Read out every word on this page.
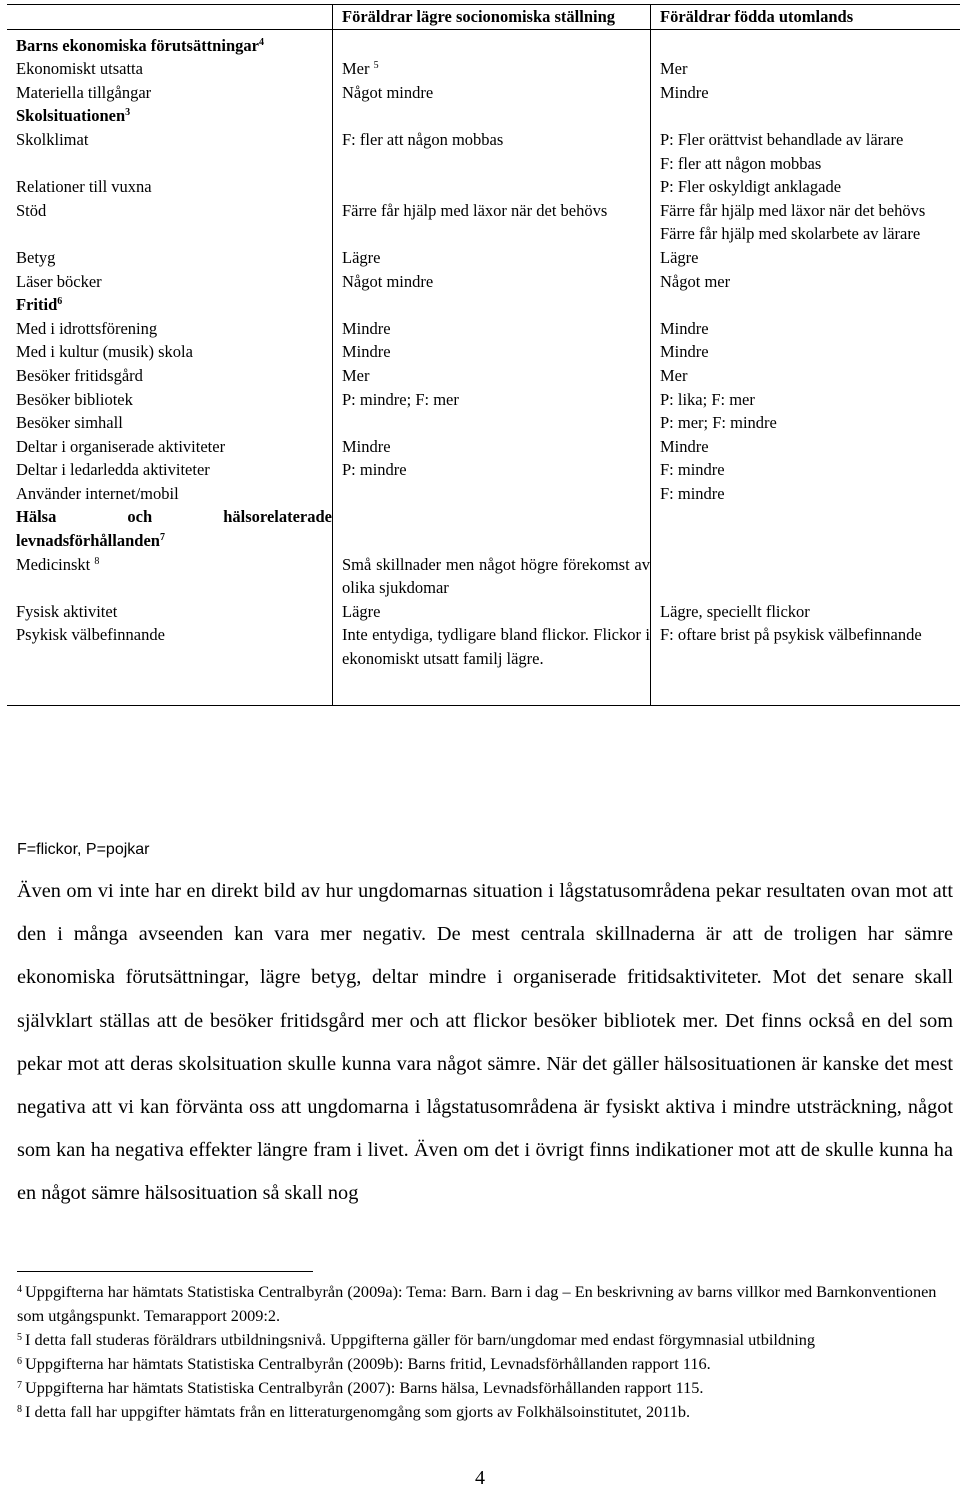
	Föräldrar lägre socionomiska ställning	Föräldrar födda utomlands
Barns ekonomiska förutsättningar$^4$		
Ekonomiskt utsatta	Mer $^5$	Mer
Materiella tillgångar	Något mindre	Mindre
Skolsituationen$^3$		
Skolklimat	F: fler att någon mobbas	P: Fler orättvist behandlade av lärare
		F: fler att någon mobbas
Relationer till vuxna		P: Fler oskyldigt anklagade
Stöd	Färre får hjälp med läxor när det behövs	Färre får hjälp med läxor när det behövs
		Färre får hjälp med skolarbete av lärare
Betyg	Lägre	Lägre
Läser böcker	Något mindre	Något mer
Fritid$^6$		
Med i idrottsförening	Mindre	Mindre
Med i kultur (musik) skola	Mindre	Mindre
Besöker fritidsgård	Mer	Mer
Besöker bibliotek	P: mindre; F: mer	P: lika; F: mer
Besöker simhall		P: mer; F: mindre
Deltar i organiserade aktiviteter	Mindre	Mindre
Deltar i ledarledda aktiviteter	P: mindre	F: mindre
Använder internet/mobil		F: mindre
Hälsa och hälsorelaterade levnadsförhållanden$^7$		
Medicinskt $^8$	Små skillnader men något högre förekomst av olika sjukdomar	
Fysisk aktivitet	Lägre	Lägre, speciellt flickor
Psykisk välbefinnande	Inte entydiga, tydligare bland flickor. Flickor i ekonomiskt utsatt familj lägre.	F: oftare brist på psykisk välbefinnande
F=flickor, P=pojkar

Även om vi inte har en direkt bild av hur ungdomarnas situation i lågstatusområdena pekar resultaten ovan mot att den i många avseenden kan vara mer negativ. De mest centrala skillnaderna är att de troligen har sämre ekonomiska förutsättningar, lägre betyg, deltar mindre i organiserade fritidsaktiviteter. Mot det senare skall självklart ställas att de besöker fritidsgård mer och att flickor besöker bibliotek mer. Det finns också en del som pekar mot att deras skolsituation skulle kunna vara något sämre. När det gäller hälsosituationen är kanske det mest negativa att vi kan förvänta oss att ungdomarna i lågstatusområdena är fysiskt aktiva i mindre utsträckning, något som kan ha negativa effekter längre fram i livet. Även om det i övrigt finns indikationer mot att de skulle kunna ha en något sämre hälsosituation så skall nog

$^4$ Uppgifterna har hämtats Statistiska Centralbyrån (2009a): Tema: Barn. Barn i dag – En beskrivning av barns villkor med Barnkonventionen som utgångspunkt. Temarapport 2009:2.

$^5$ I detta fall studeras föräldrars utbildningsnivå. Uppgifterna gäller för barn/ungdomar med endast förgymnasial utbildning

$^6$ Uppgifterna har hämtats Statistiska Centralbyrån (2009b): Barns fritid, Levnadsförhållanden rapport 116.

$^7$ Uppgifterna har hämtats Statistiska Centralbyrån (2007): Barns hälsa, Levnadsförhållanden rapport 115.

$^8$ I detta fall har uppgifter hämtats från en litteraturgenomgång som gjorts av Folkhälsoinstitutet, 2011b.

4
